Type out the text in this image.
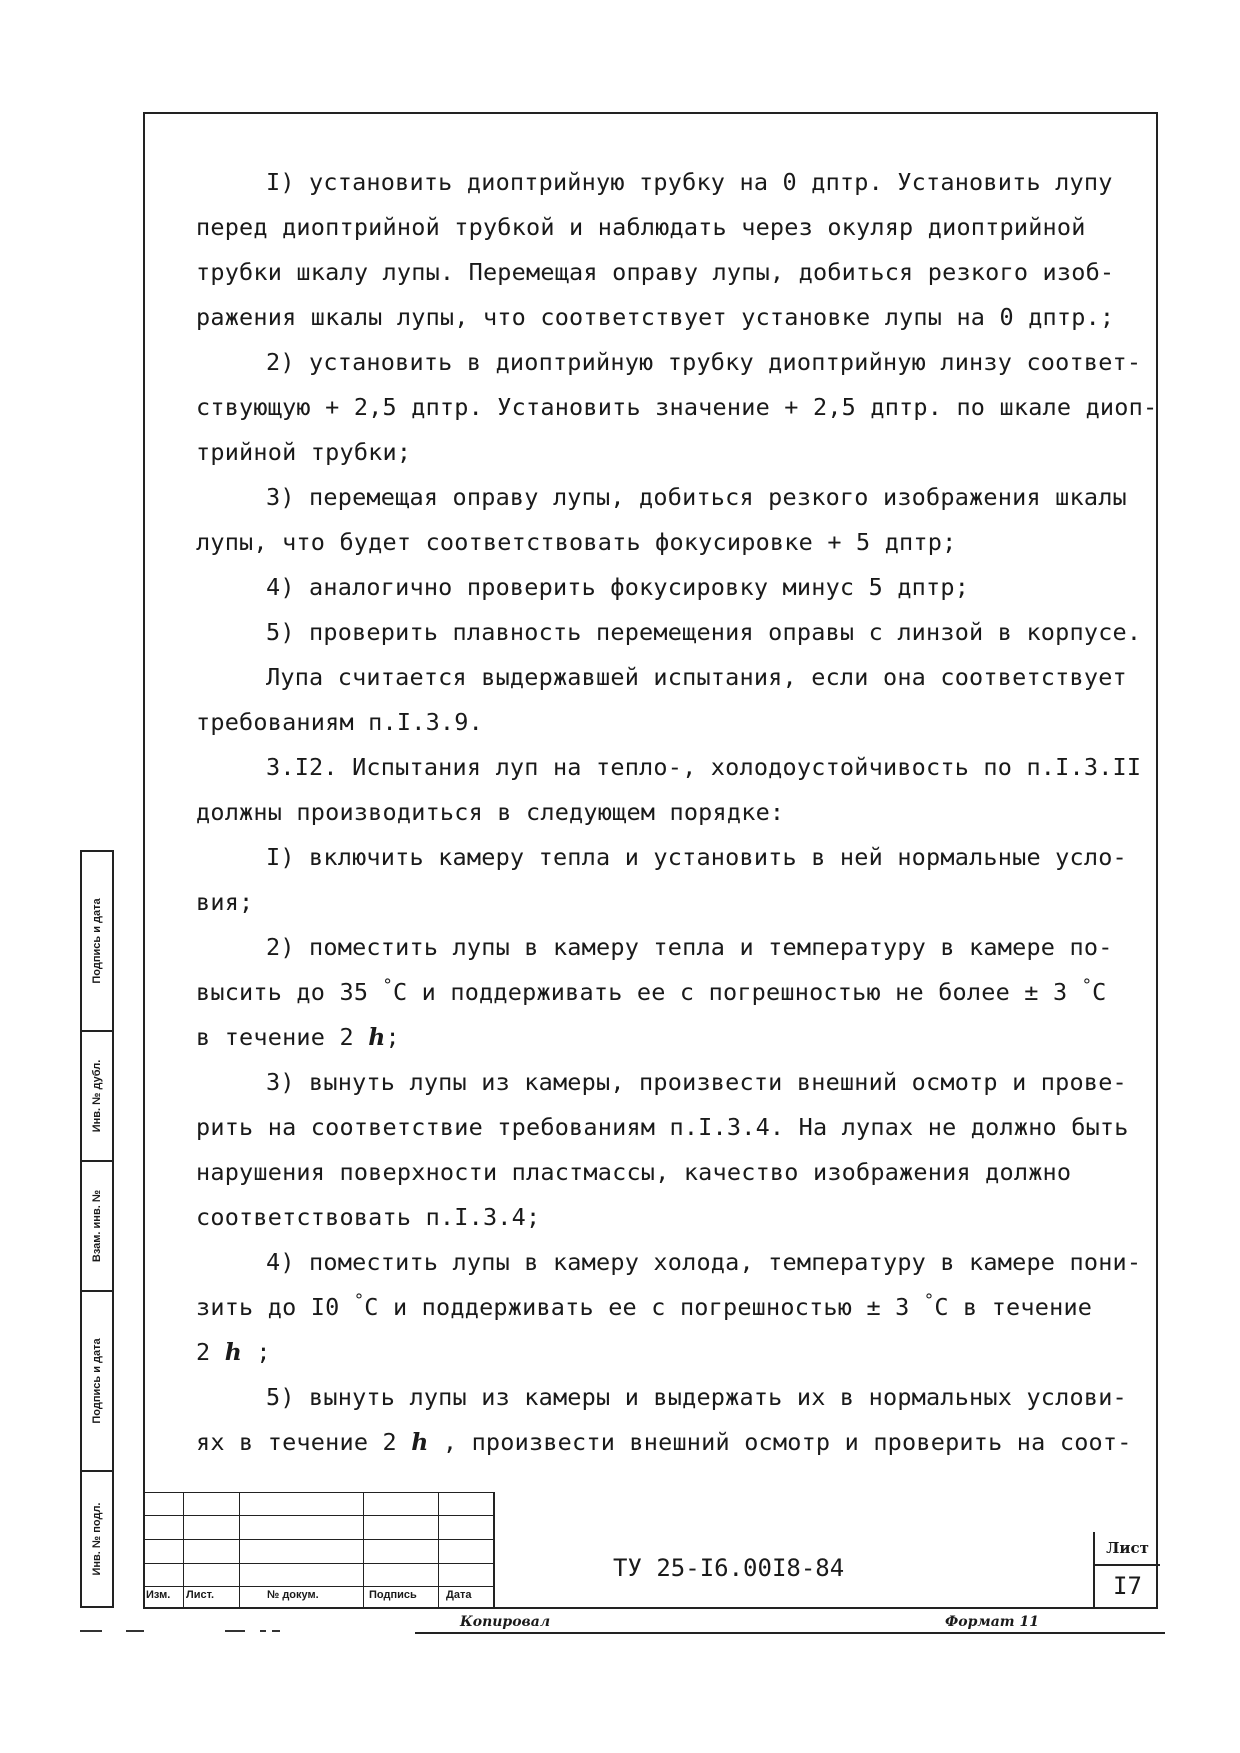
I) установить диоптрийную трубку на 0 дптр. Установить лупу
перед диоптрийной трубкой и наблюдать через окуляр диоптрийной
трубки шкалу лупы. Перемещая оправу лупы, добиться резкого изоб-
ражения шкалы лупы, что соответствует установке лупы на 0 дптр.;
2) установить в диоптрийную трубку диоптрийную линзу соответ-
ствующую + 2,5 дптр. Установить значение + 2,5 дптр. по шкале диоп-
трийной трубки;
3) перемещая оправу лупы, добиться резкого изображения шкалы
лупы, что будет соответствовать фокусировке + 5 дптр;
4) аналогично проверить фокусировку минус 5 дптр;
5) проверить плавность перемещения оправы с линзой в корпусе.
Лупа считается выдержавшей испытания, если она соответствует
требованиям п.I.3.9.
3.I2. Испытания луп на тепло-, холодоустойчивость по п.I.3.II
должны производиться в следующем порядке:
I) включить камеру тепла и установить в ней нормальные усло-
вия;
2) поместить лупы в камеру тепла и температуру в камере по-
высить до 35 °С и поддерживать ее с погрешностью не более ± 3 °С
в течение 2 h;
3) вынуть лупы из камеры, произвести внешний осмотр и прове-
рить на соответствие требованиям п.I.3.4. На лупах не должно быть
нарушения поверхности пластмассы, качество изображения должно
соответствовать п.I.3.4;
4) поместить лупы в камеру холода, температуру в камере пони-
зить до I0 °С и поддерживать ее с погрешностью ± 3 °С в течение
2 h ;
5) вынуть лупы из камеры и выдержать их в нормальных услови-
ях в течение 2 h , произвести внешний осмотр и проверить на соот-
Подпись и дата
Инв. № дубл.
Взам. инв. №
Подпись и дата
Инв. № подл.
Изм. Лист.	№ докум.	Подпись	Дата
ТУ 25-I6.00I8-84
Лист
I7
Копировал	Формат 11
